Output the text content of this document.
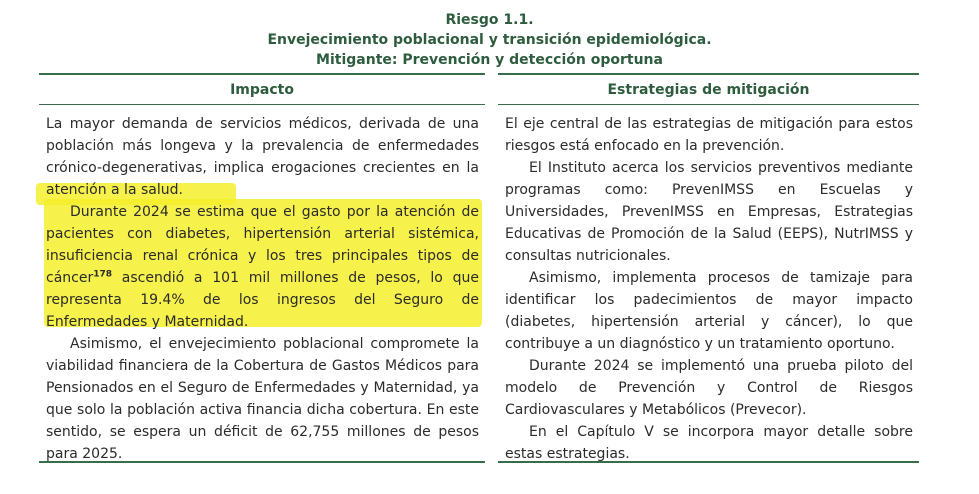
Riesgo 1.1.
Envejecimiento poblacional y transición epidemiológica.
Mitigante: Prevención y detección oportuna
Impacto

La mayor demanda de servicios médicos, derivada de una población más longeva y la prevalencia de enfermedades crónico-degenerativas, implica erogaciones crecientes en la atención a la salud.

Durante 2024 se estima que el gasto por la atención de pacientes con diabetes, hipertensión arterial sistémica, insuficiencia renal crónica y los tres principales tipos de cáncer$^{178}$ ascendió a 101 mil millones de pesos, lo que representa 19.4% de los ingresos del Seguro de Enfermedades y Maternidad.

Asimismo, el envejecimiento poblacional compromete la viabilidad financiera de la Cobertura de Gastos Médicos para Pensionados en el Seguro de Enfermedades y Maternidad, ya que solo la población activa financia dicha cobertura. En este sentido, se espera un déficit de 62,755 millones de pesos para 2025.

Estrategias de mitigación

El eje central de las estrategias de mitigación para estos riesgos está enfocado en la prevención.

El Instituto acerca los servicios preventivos mediante programas como: PrevenIMSS en Escuelas y Universidades, PrevenIMSS en Empresas, Estrategias Educativas de Promoción de la Salud (EEPS), NutrIMSS y consultas nutricionales.

Asimismo, implementa procesos de tamizaje para identificar los padecimientos de mayor impacto (diabetes, hipertensión arterial y cáncer), lo que contribuye a un diagnóstico y un tratamiento oportuno.

Durante 2024 se implementó una prueba piloto del modelo de Prevención y Control de Riesgos Cardiovasculares y Metabólicos (Prevecor).

En el Capítulo V se incorpora mayor detalle sobre estas estrategias.
